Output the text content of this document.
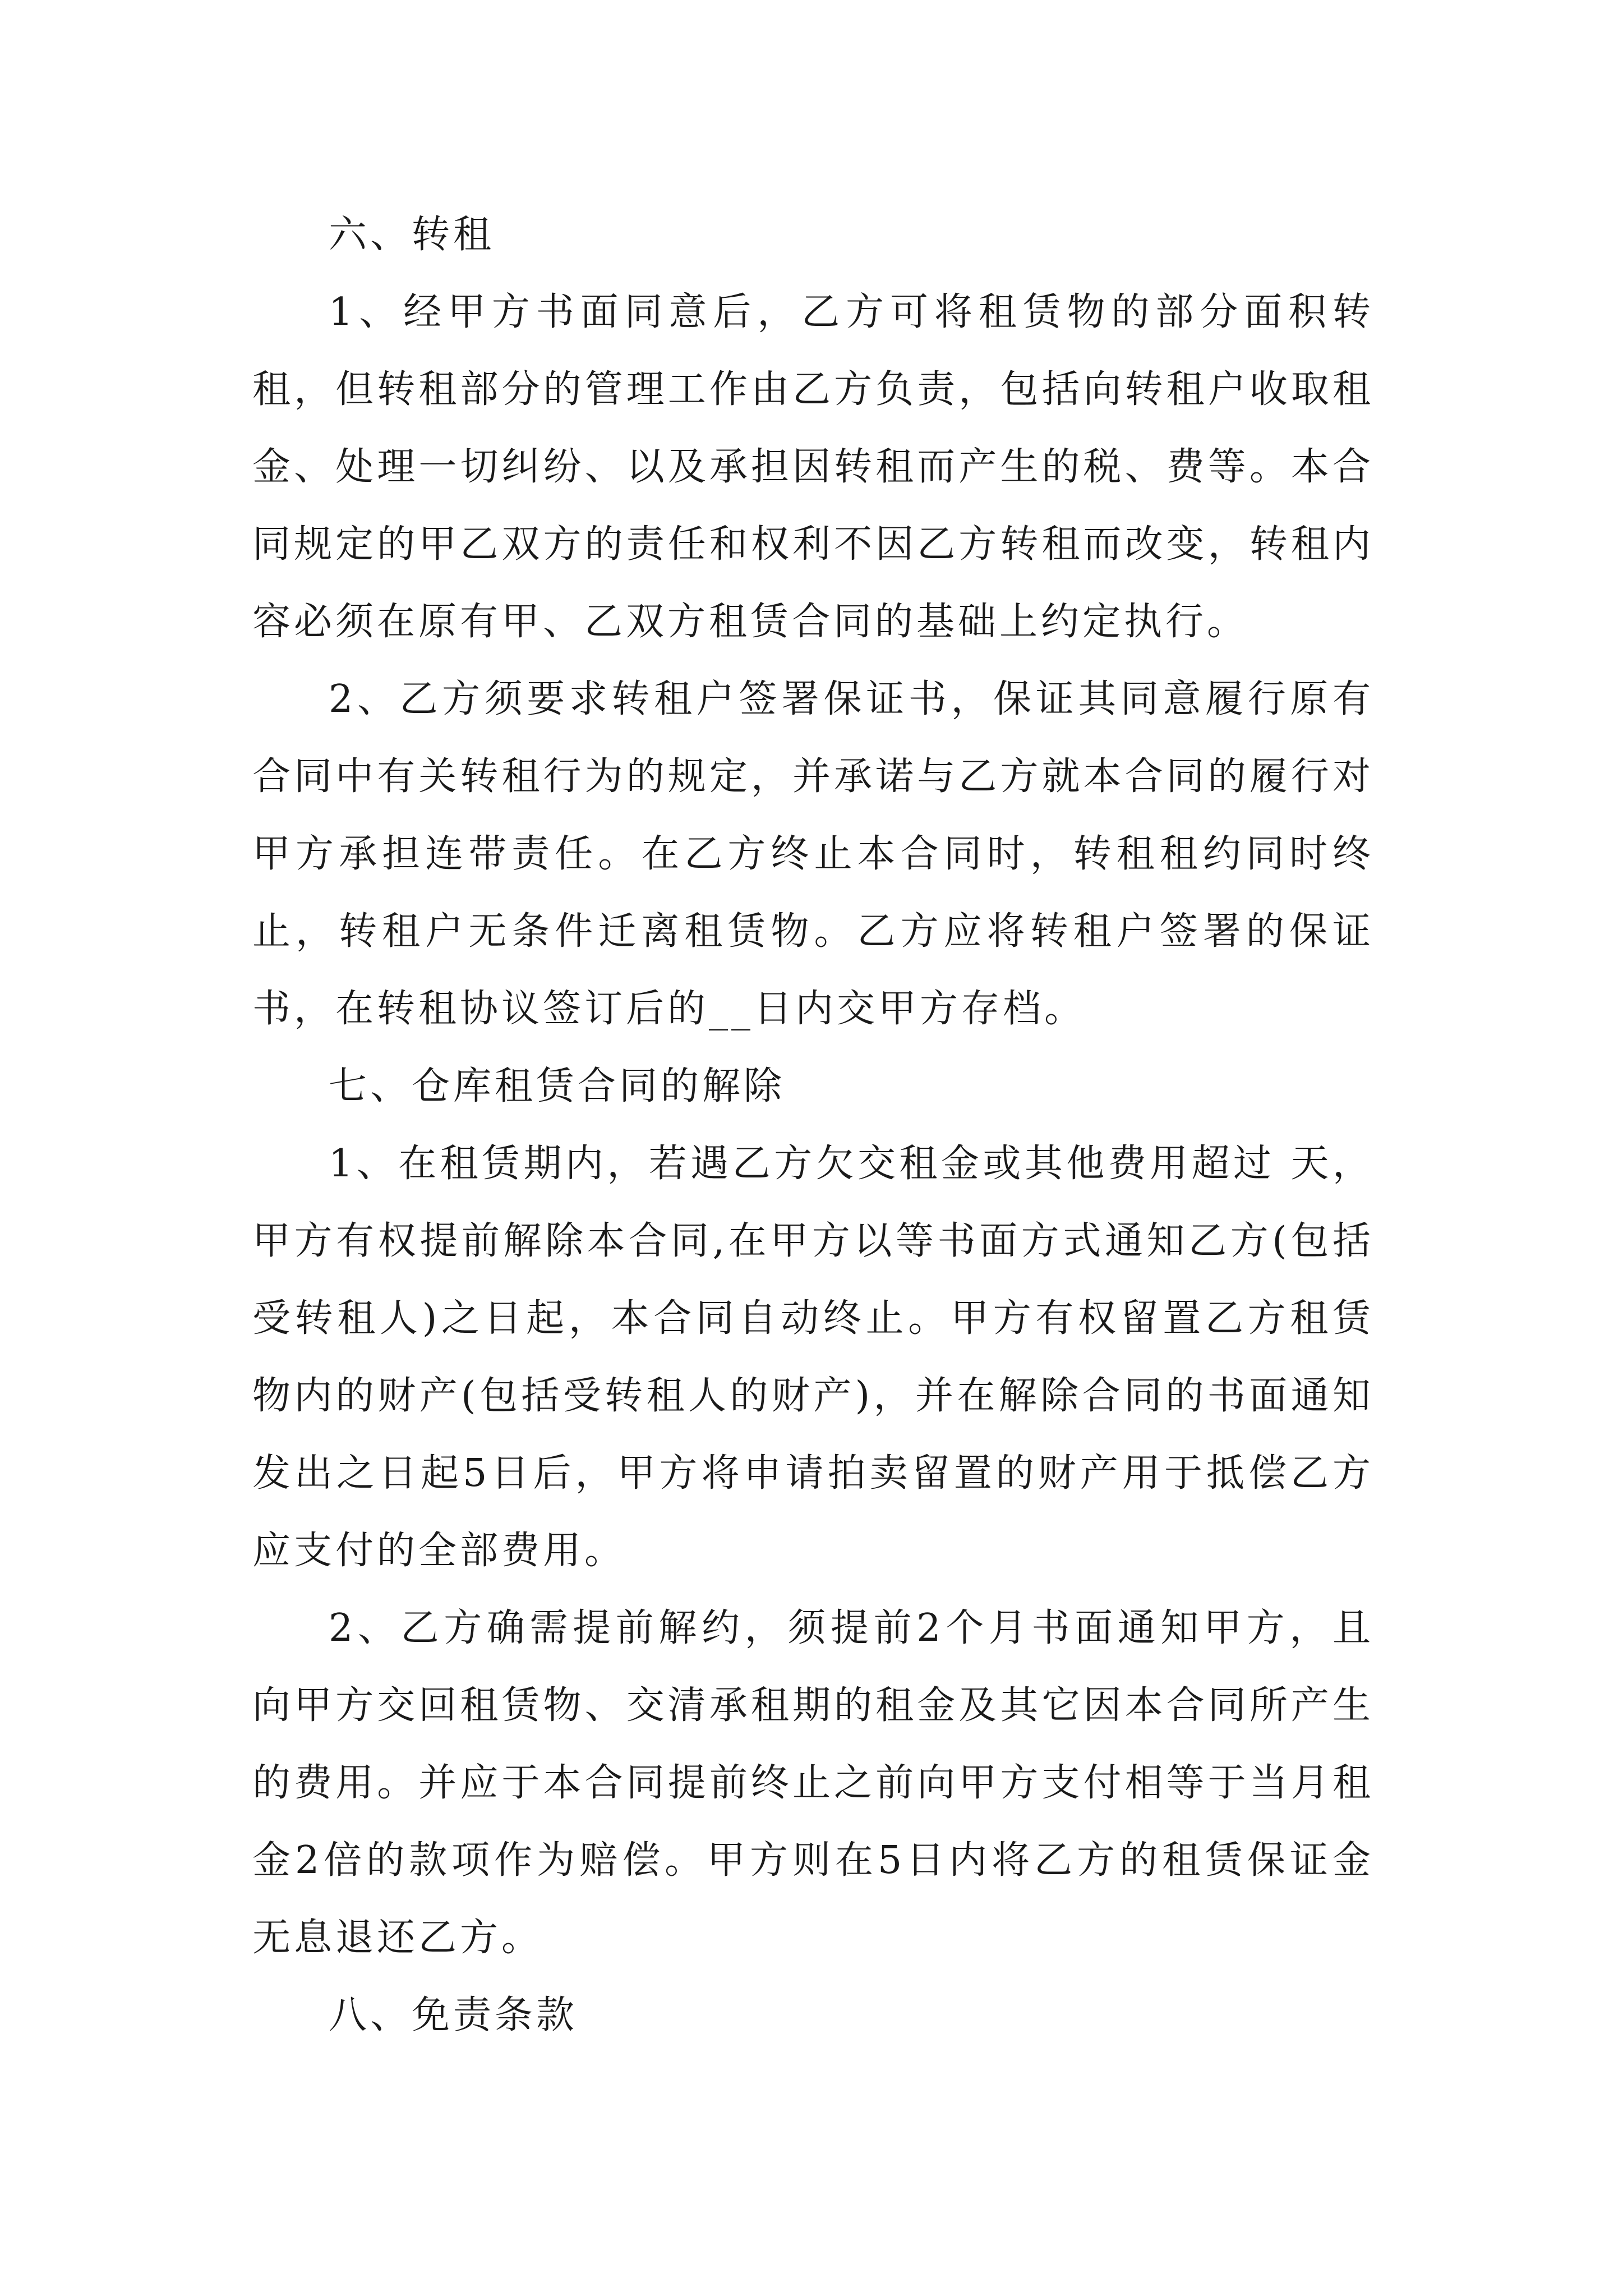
六、转租

1、经甲方书面同意后，乙方可将租赁物的部分面积转租，但转租部分的管理工作由乙方负责，包括向转租户收取租金、处理一切纠纷、以及承担因转租而产生的税、费等。本合同规定的甲乙双方的责任和权利不因乙方转租而改变，转租内容必须在原有甲、乙双方租赁合同的基础上约定执行。

2、乙方须要求转租户签署保证书，保证其同意履行原有合同中有关转租行为的规定，并承诺与乙方就本合同的履行对甲方承担连带责任。在乙方终止本合同时，转租租约同时终止，转租户无条件迁离租赁物。乙方应将转租户签署的保证书，在转租协议签订后的__日内交甲方存档。

七、仓库租赁合同的解除

1、在租赁期内，若遇乙方欠交租金或其他费用超过 天，甲方有权提前解除本合同,在甲方以等书面方式通知乙方(包括受转租人)之日起，本合同自动终止。甲方有权留置乙方租赁物内的财产(包括受转租人的财产)，并在解除合同的书面通知发出之日起5日后，甲方将申请拍卖留置的财产用于抵偿乙方应支付的全部费用。

2、乙方确需提前解约，须提前2个月书面通知甲方，且向甲方交回租赁物、交清承租期的租金及其它因本合同所产生的费用。并应于本合同提前终止之前向甲方支付相等于当月租金2倍的款项作为赔偿。甲方则在5日内将乙方的租赁保证金无息退还乙方。

八、免责条款
